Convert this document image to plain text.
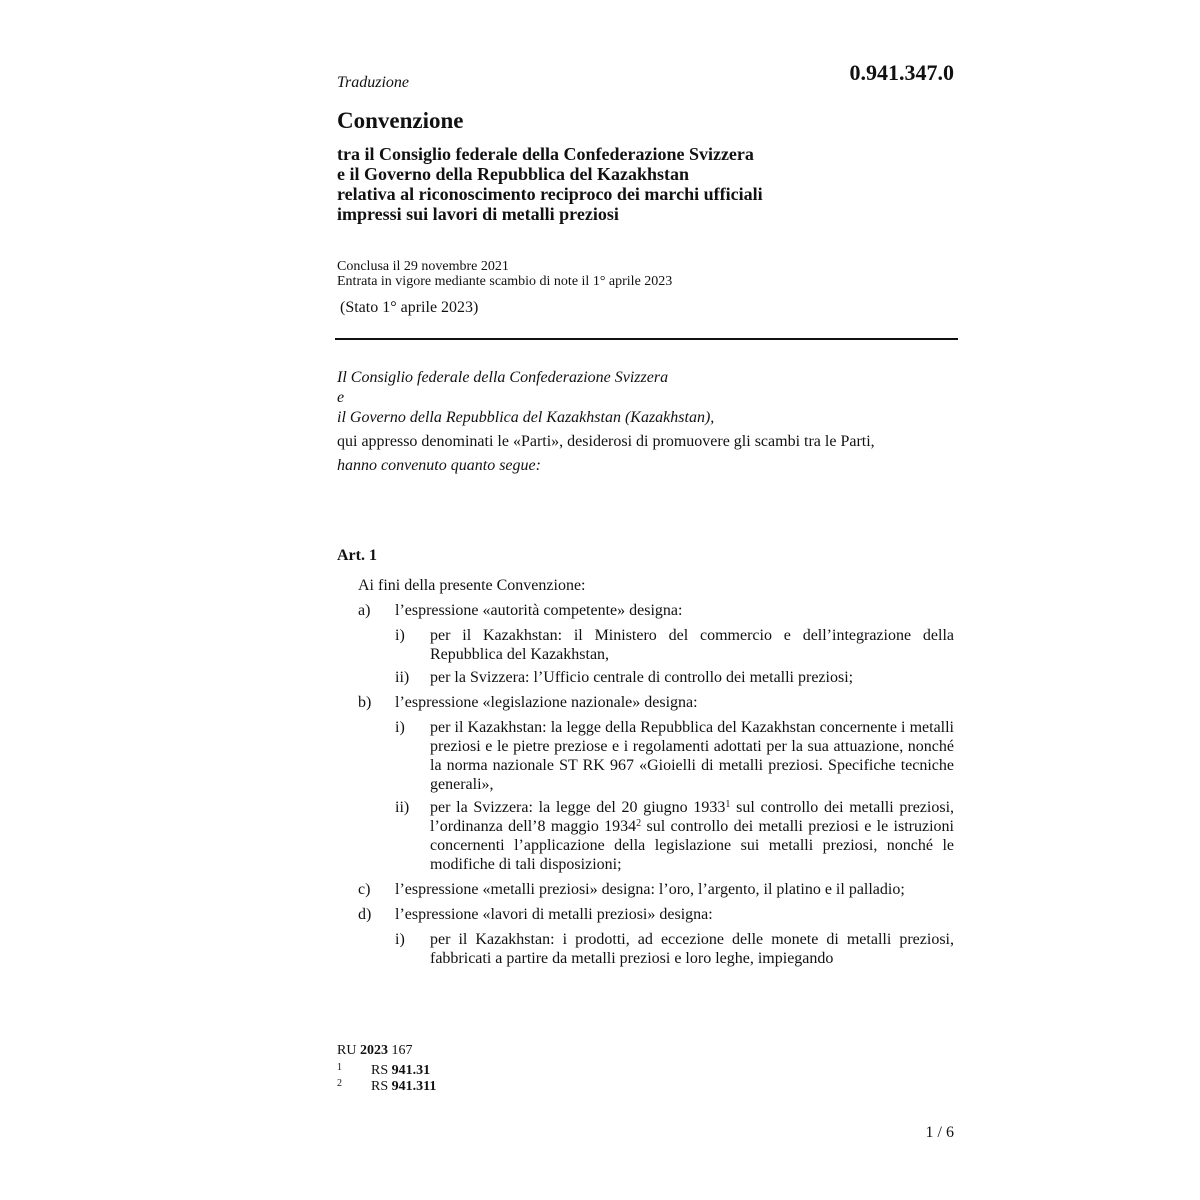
0.941.347.0
Traduzione
Convenzione
tra il Consiglio federale della Confederazione Svizzera
e il Governo della Repubblica del Kazakhstan
relativa al riconoscimento reciproco dei marchi ufficiali
impressi sui lavori di metalli preziosi
Conclusa il 29 novembre 2021
Entrata in vigore mediante scambio di note il 1° aprile 2023
(Stato 1° aprile 2023)
Il Consiglio federale della Confederazione Svizzera
e
il Governo della Repubblica del Kazakhstan (Kazakhstan),
qui appresso denominati le «Parti», desiderosi di promuovere gli scambi tra le Parti,
hanno convenuto quanto segue:
Art. 1
Ai fini della presente Convenzione:
a) l’espressione «autorità competente» designa:
i) per il Kazakhstan: il Ministero del commercio e dell’integrazione della Repubblica del Kazakhstan,
ii) per la Svizzera: l’Ufficio centrale di controllo dei metalli preziosi;
b) l’espressione «legislazione nazionale» designa:
i) per il Kazakhstan: la legge della Repubblica del Kazakhstan concernente i metalli preziosi e le pietre preziose e i regolamenti adottati per la sua attuazione, nonché la norma nazionale ST RK 967 «Gioielli di metalli preziosi. Specifiche tecniche generali»,
ii) per la Svizzera: la legge del 20 giugno 1933$^1$ sul controllo dei metalli preziosi, l’ordinanza dell’8 maggio 1934$^2$ sul controllo dei metalli preziosi e le istruzioni concernenti l’applicazione della legislazione sui metalli preziosi, nonché le modifiche di tali disposizioni;
c) l’espressione «metalli preziosi» designa: l’oro, l’argento, il platino e il palladio;
d) l’espressione «lavori di metalli preziosi» designa:
i) per il Kazakhstan: i prodotti, ad eccezione delle monete di metalli preziosi, fabbricati a partire da metalli preziosi e loro leghe, impiegando
RU 2023 167
1 RS 941.31
2 RS 941.311
1 / 6
